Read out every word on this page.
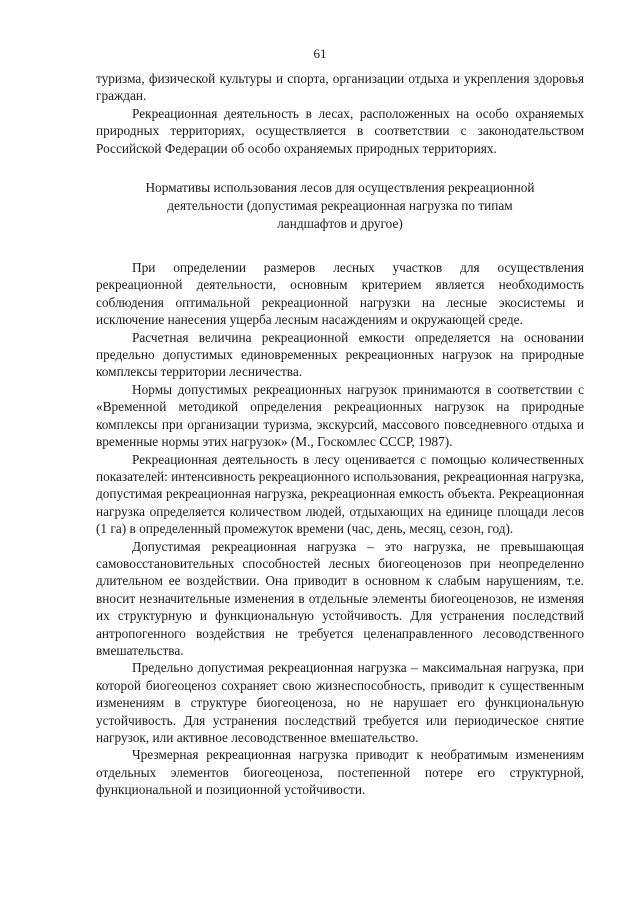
61

туризма, физической культуры и спорта, организации отдыха и укрепления здоровья граждан.

Рекреационная деятельность в лесах, расположенных на особо охраняемых природных территориях, осуществляется в соответствии с законодательством Российской Федерации об особо охраняемых природных территориях.

Нормативы использования лесов для осуществления рекреационной деятельности (допустимая рекреационная нагрузка по типам ландшафтов и другое)

При определении размеров лесных участков для осуществления рекреационной деятельности, основным критерием является необходимость соблюдения оптимальной рекреационной нагрузки на лесные экосистемы и исключение нанесения ущерба лесным насаждениям и окружающей среде.

Расчетная величина рекреационной емкости определяется на основании предельно допустимых единовременных рекреационных нагрузок на природные комплексы территории лесничества.

Нормы допустимых рекреационных нагрузок принимаются в соответствии с «Временной методикой определения рекреационных нагрузок на природные комплексы при организации туризма, экскурсий, массового повседневного отдыха и временные нормы этих нагрузок» (М., Госкомлес СССР, 1987).

Рекреационная деятельность в лесу оценивается с помощью количественных показателей: интенсивность рекреационного использования, рекреационная нагрузка, допустимая рекреационная нагрузка, рекреационная емкость объекта. Рекреационная нагрузка определяется количеством людей, отдыхающих на единице площади лесов (1 га) в определенный промежуток времени (час, день, месяц, сезон, год).

Допустимая рекреационная нагрузка – это нагрузка, не превышающая самовосстановительных способностей лесных биогеоценозов при неопределенно длительном ее воздействии. Она приводит в основном к слабым нарушениям, т.е. вносит незначительные изменения в отдельные элементы биогеоценозов, не изменяя их структурную и функциональную устойчивость. Для устранения последствий антропогенного воздействия не требуется целенаправленного лесоводственного вмешательства.

Предельно допустимая рекреационная нагрузка – максимальная нагрузка, при которой биогеоценоз сохраняет свою жизнеспособность, приводит к существенным изменениям в структуре биогеоценоза, но не нарушает его функциональную устойчивость. Для устранения последствий требуется или периодическое снятие нагрузок, или активное лесоводственное вмешательство.

Чрезмерная рекреационная нагрузка приводит к необратимым изменениям отдельных элементов биогеоценоза, постепенной потере его структурной, функциональной и позиционной устойчивости.
